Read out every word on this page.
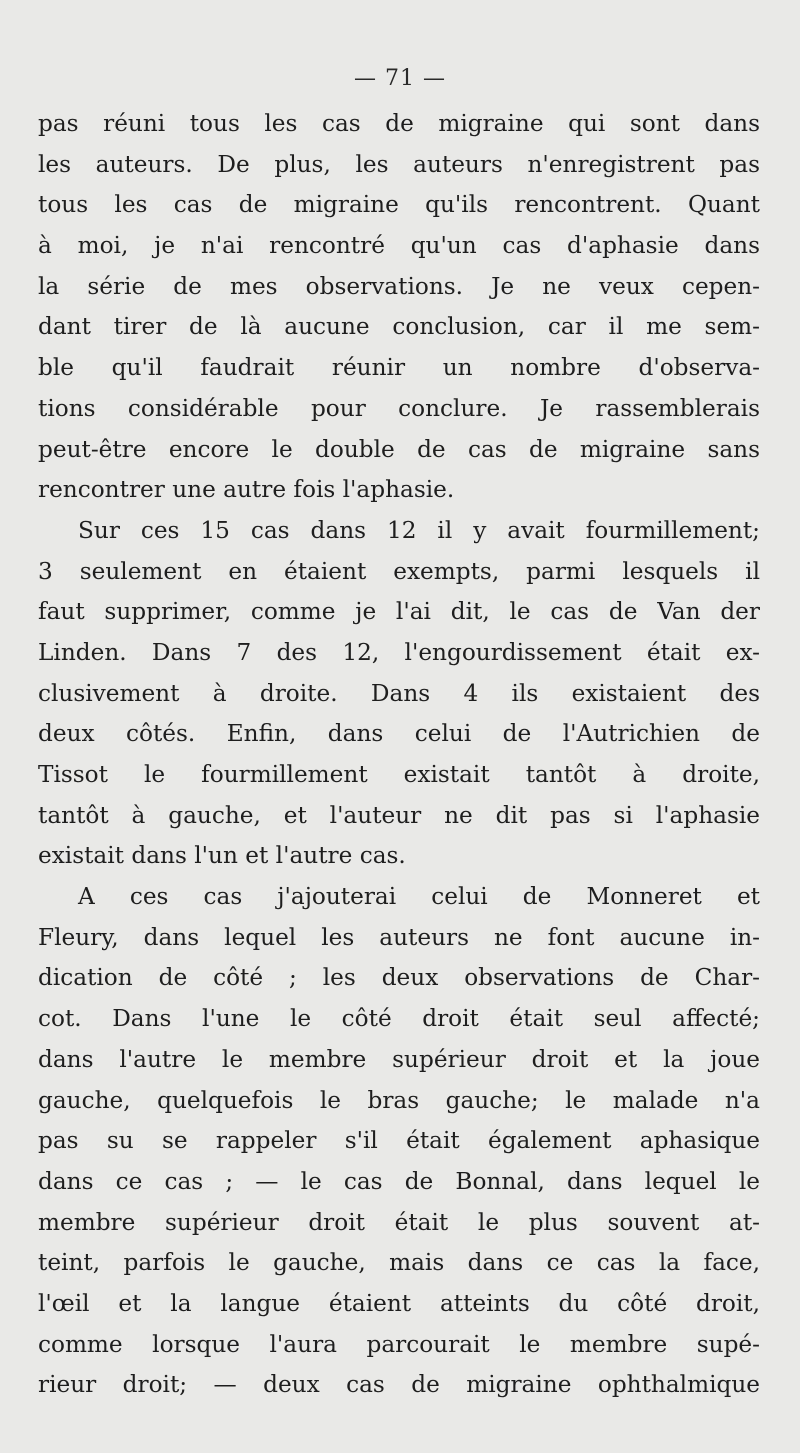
— 71 —
pas réuni tous les cas de migraine qui sont dans
les auteurs. De plus, les auteurs n'enregistrent pas
tous les cas de migraine qu'ils rencontrent. Quant
à moi, je n'ai rencontré qu'un cas d'aphasie dans
la série de mes observations. Je ne veux cepen-
dant tirer de là aucune conclusion, car il me sem-
ble qu'il faudrait réunir un nombre d'observa-
tions considérable pour conclure. Je rassemblerais
peut-être encore le double de cas de migraine sans
rencontrer une autre fois l'aphasie.
Sur ces 15 cas dans 12 il y avait fourmillement;
3 seulement en étaient exempts, parmi lesquels il
faut supprimer, comme je l'ai dit, le cas de Van der
Linden. Dans 7 des 12, l'engourdissement était ex-
clusivement à droite. Dans 4 ils existaient des
deux côtés. Enfin, dans celui de l'Autrichien de
Tissot le fourmillement existait tantôt à droite,
tantôt à gauche, et l'auteur ne dit pas si l'aphasie
existait dans l'un et l'autre cas.
A ces cas j'ajouterai celui de Monneret et
Fleury, dans lequel les auteurs ne font aucune in-
dication de côté ; les deux observations de Char-
cot. Dans l'une le côté droit était seul affecté;
dans l'autre le membre supérieur droit et la joue
gauche, quelquefois le bras gauche; le malade n'a
pas su se rappeler s'il était également aphasique
dans ce cas ; — le cas de Bonnal, dans lequel le
membre supérieur droit était le plus souvent at-
teint, parfois le gauche, mais dans ce cas la face,
l'œil et la langue étaient atteints du côté droit,
comme lorsque l'aura parcourait le membre supé-
rieur droit; — deux cas de migraine ophthalmique
